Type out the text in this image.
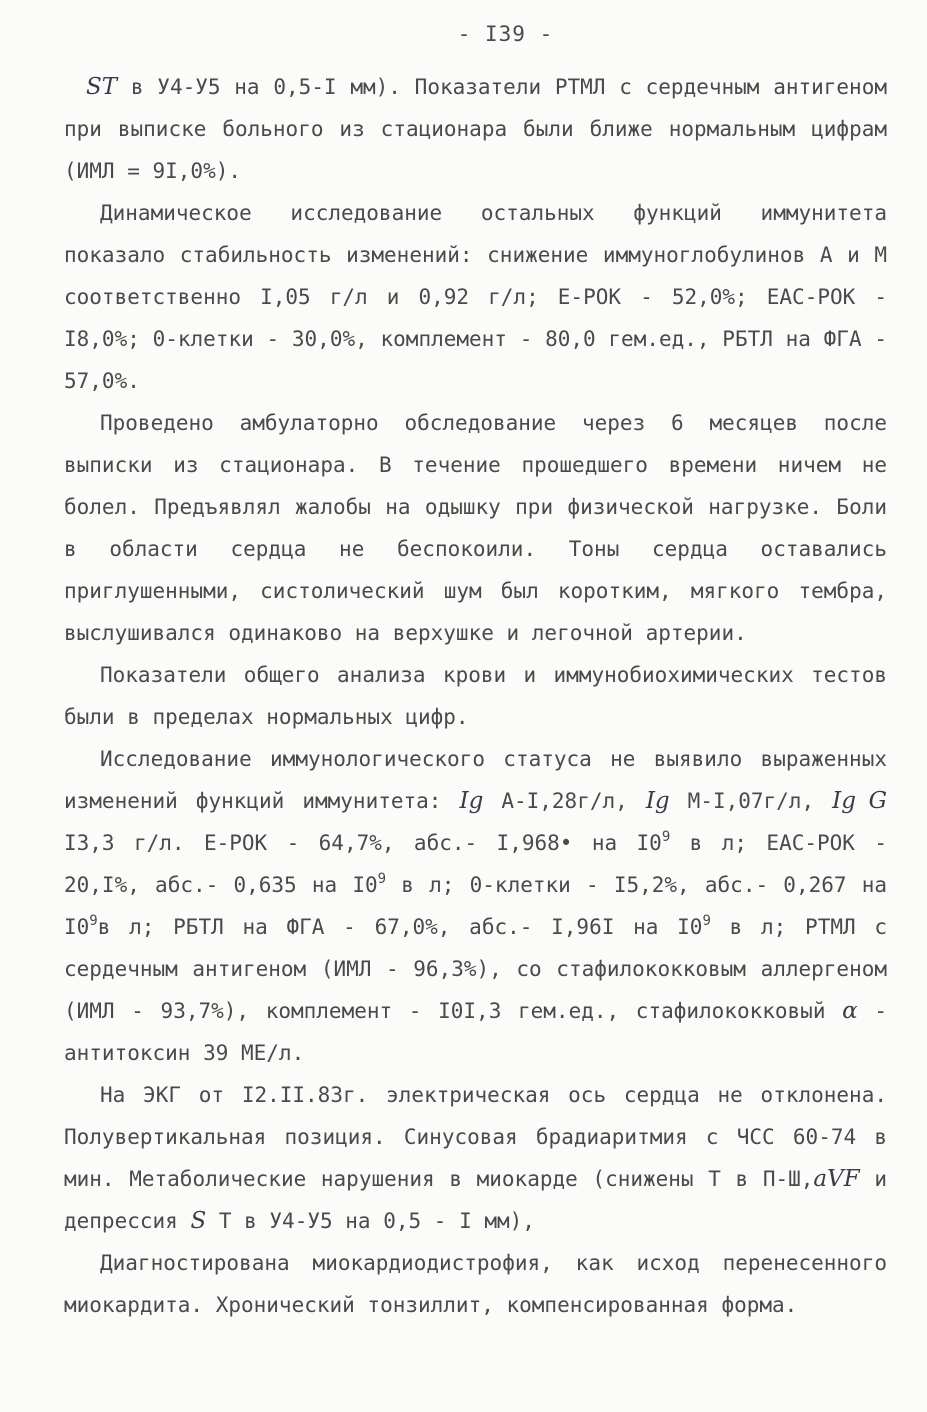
- I39 -

ST в У4-У5 на 0,5-I мм). Показатели РТМЛ с сердечным антигеном при выписке больного из стационара были ближе нормальным цифрам (ИМЛ = 9I,0%).

Динамическое исследование остальных функций иммунитета показало стабильность изменений: снижение иммуноглобулинов А и М соответственно I,05 г/л и 0,92 г/л; Е-РОК - 52,0%; ЕАС-РОК - I8,0%; 0-клетки - 30,0%, комплемент - 80,0 гем.ед., РБТЛ на ФГА - 57,0%.

Проведено амбулаторно обследование через 6 месяцев после выписки из стационара. В течение прошедшего времени ничем не болел. Предъявлял жалобы на одышку при физической нагрузке. Боли в области сердца не беспокоили. Тоны сердца оставались приглушенными, систолический шум был коротким, мягкого тембра, выслушивался одинаково на верхушке и легочной артерии.

Показатели общего анализа крови и иммунобиохимических тестов были в пределах нормальных цифр.

Исследование иммунологического статуса не выявило выраженных изменений функций иммунитета: Ig A-I,28г/л, Ig M-I,07г/л, Ig G I3,3 г/л. Е-РОК - 64,7%, абс.- I,968• на $I0^9$ в л; ЕАС-РОК - 20,I%, абс.- 0,635 на $I0^9$ в л; 0-клетки - I5,2%, абс.- 0,267 на $I0^9в$ л; РБТЛ на ФГА - 67,0%, абс.- I,96I на $I0^9$ в л; РТМЛ с сердечным антигеном (ИМЛ - 96,3%), со стафилококковым аллергеном (ИМЛ - 93,7%), комплемент - I0I,3 гем.ед., стафилококковый α - антитоксин 39 МЕ/л.

На ЭКГ от I2.II.83г. электрическая ось сердца не отклонена. Полувертикальная позиция. Синусовая брадиаритмия с ЧСС 60-74 в мин. Метаболические нарушения в миокарде (снижены Т в П-Ш,aVF и депрессия S Т в У4-У5 на 0,5 - I мм),

Диагностирована миокардиодистрофия, как исход перенесенного миокардита. Хронический тонзиллит, компенсированная форма.
